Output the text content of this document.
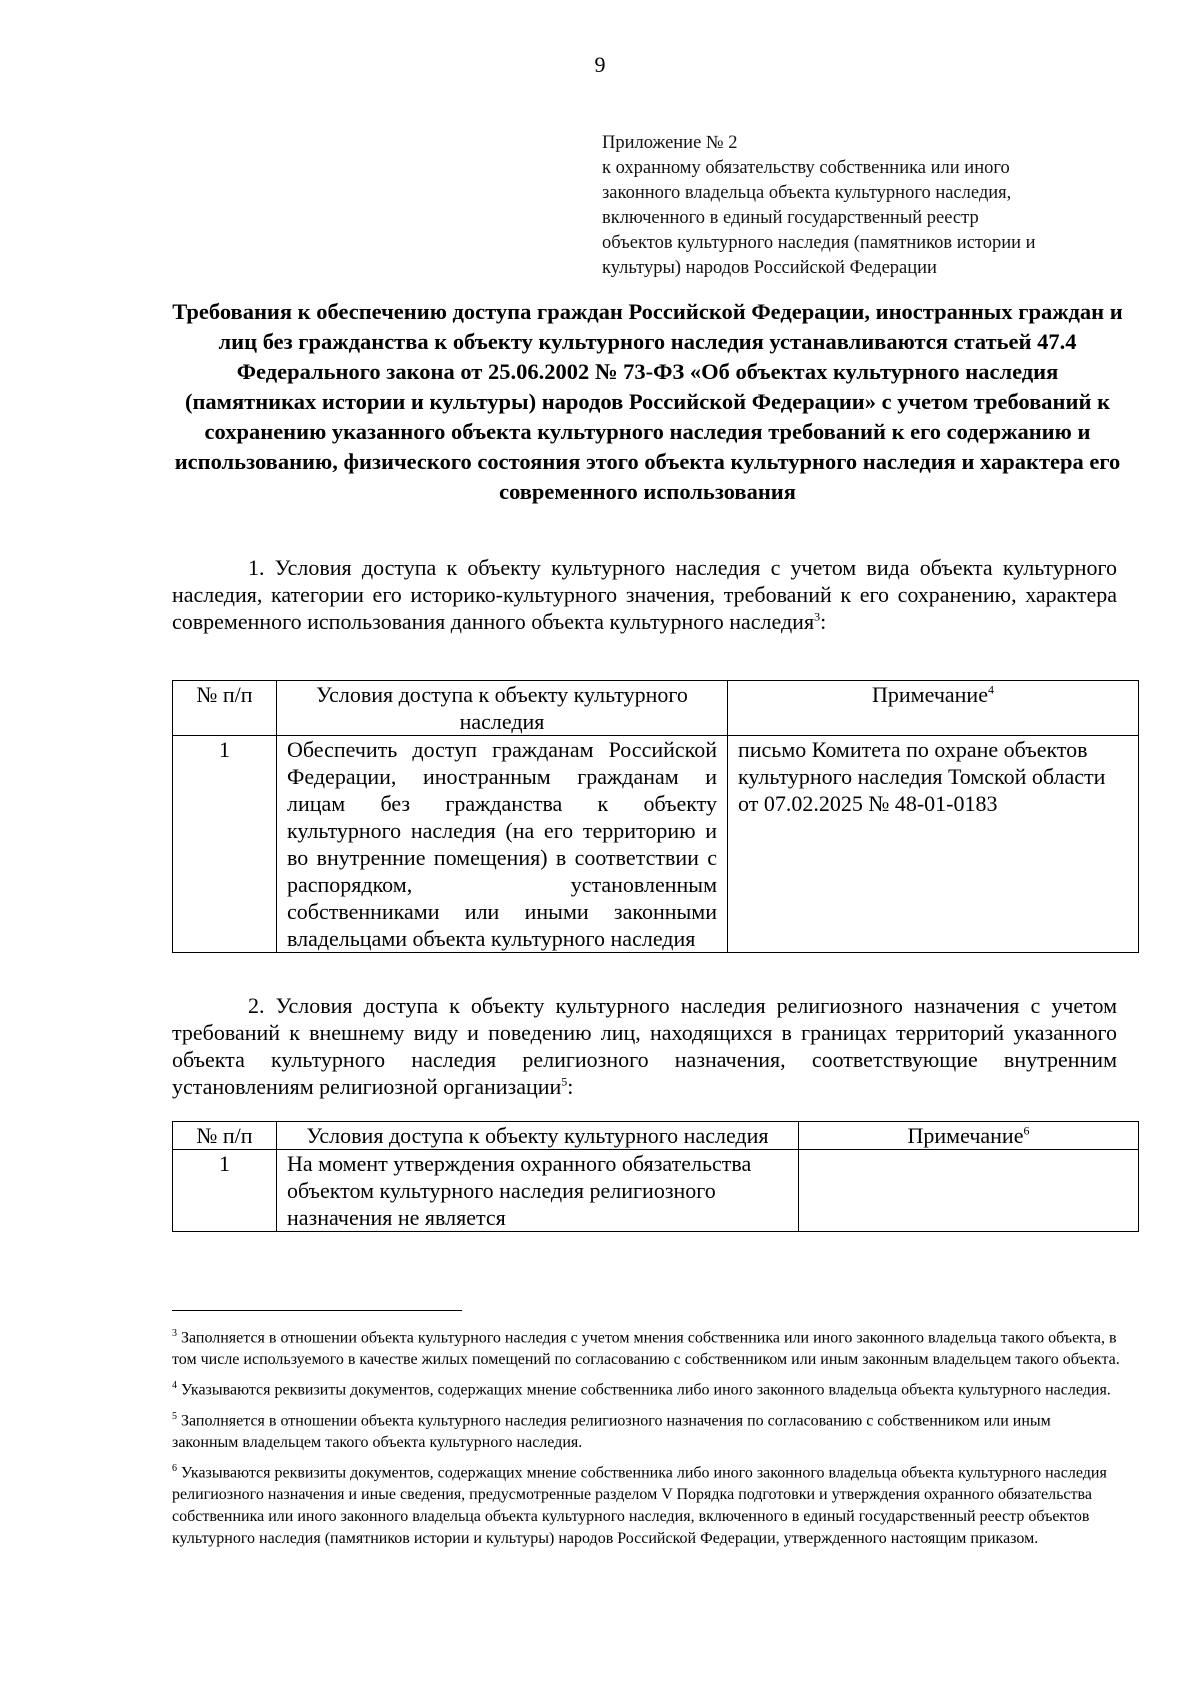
9
Приложение № 2
к охранному обязательству собственника или иного
законного владельца объекта культурного наследия,
включенного в единый государственный реестр
объектов культурного наследия (памятников истории и
культуры) народов Российской Федерации
Требования к обеспечению доступа граждан Российской Федерации, иностранных граждан и лиц без гражданства к объекту культурного наследия устанавливаются статьей 47.4 Федерального закона от 25.06.2002 № 73-ФЗ «Об объектах культурного наследия (памятниках истории и культуры) народов Российской Федерации» с учетом требований к сохранению указанного объекта культурного наследия требований к его содержанию и использованию, физического состояния этого объекта культурного наследия и характера его современного использования
1. Условия доступа к объекту культурного наследия с учетом вида объекта культурного наследия, категории его историко-культурного значения, требований к его сохранению, характера современного использования данного объекта культурного наследия$^3$:
№ п/п	Условия доступа к объекту культурного наследия	Примечание$^4$
1	Обеспечить доступ гражданам Российской Федерации, иностранным гражданам и лицам без гражданства к объекту культурного наследия (на его территорию и во внутренние помещения) в соответствии с распорядком, установленным собственниками или иными законными владельцами объекта культурного наследия	письмо Комитета по охране объектов культурного наследия Томской области от 07.02.2025 № 48-01-0183
2. Условия доступа к объекту культурного наследия религиозного назначения с учетом требований к внешнему виду и поведению лиц, находящихся в границах территорий указанного объекта культурного наследия религиозного назначения, соответствующие внутренним установлениям религиозной организации$^5$:
№ п/п	Условия доступа к объекту культурного наследия	Примечание$^6$
1	На момент утверждения охранного обязательства объектом культурного наследия религиозного назначения не является	

$^3$ Заполняется в отношении объекта культурного наследия с учетом мнения собственника или иного законного владельца такого объекта, в том числе используемого в качестве жилых помещений по согласованию с собственником или иным законным владельцем такого объекта.

$^4$ Указываются реквизиты документов, содержащих мнение собственника либо иного законного владельца объекта культурного наследия.

$^5$ Заполняется в отношении объекта культурного наследия религиозного назначения по согласованию с собственником или иным законным владельцем такого объекта культурного наследия.

$^6$ Указываются реквизиты документов, содержащих мнение собственника либо иного законного владельца объекта культурного наследия религиозного назначения и иные сведения, предусмотренные разделом V Порядка подготовки и утверждения охранного обязательства собственника или иного законного владельца объекта культурного наследия, включенного в единый государственный реестр объектов культурного наследия (памятников истории и культуры) народов Российской Федерации, утвержденного настоящим приказом.
